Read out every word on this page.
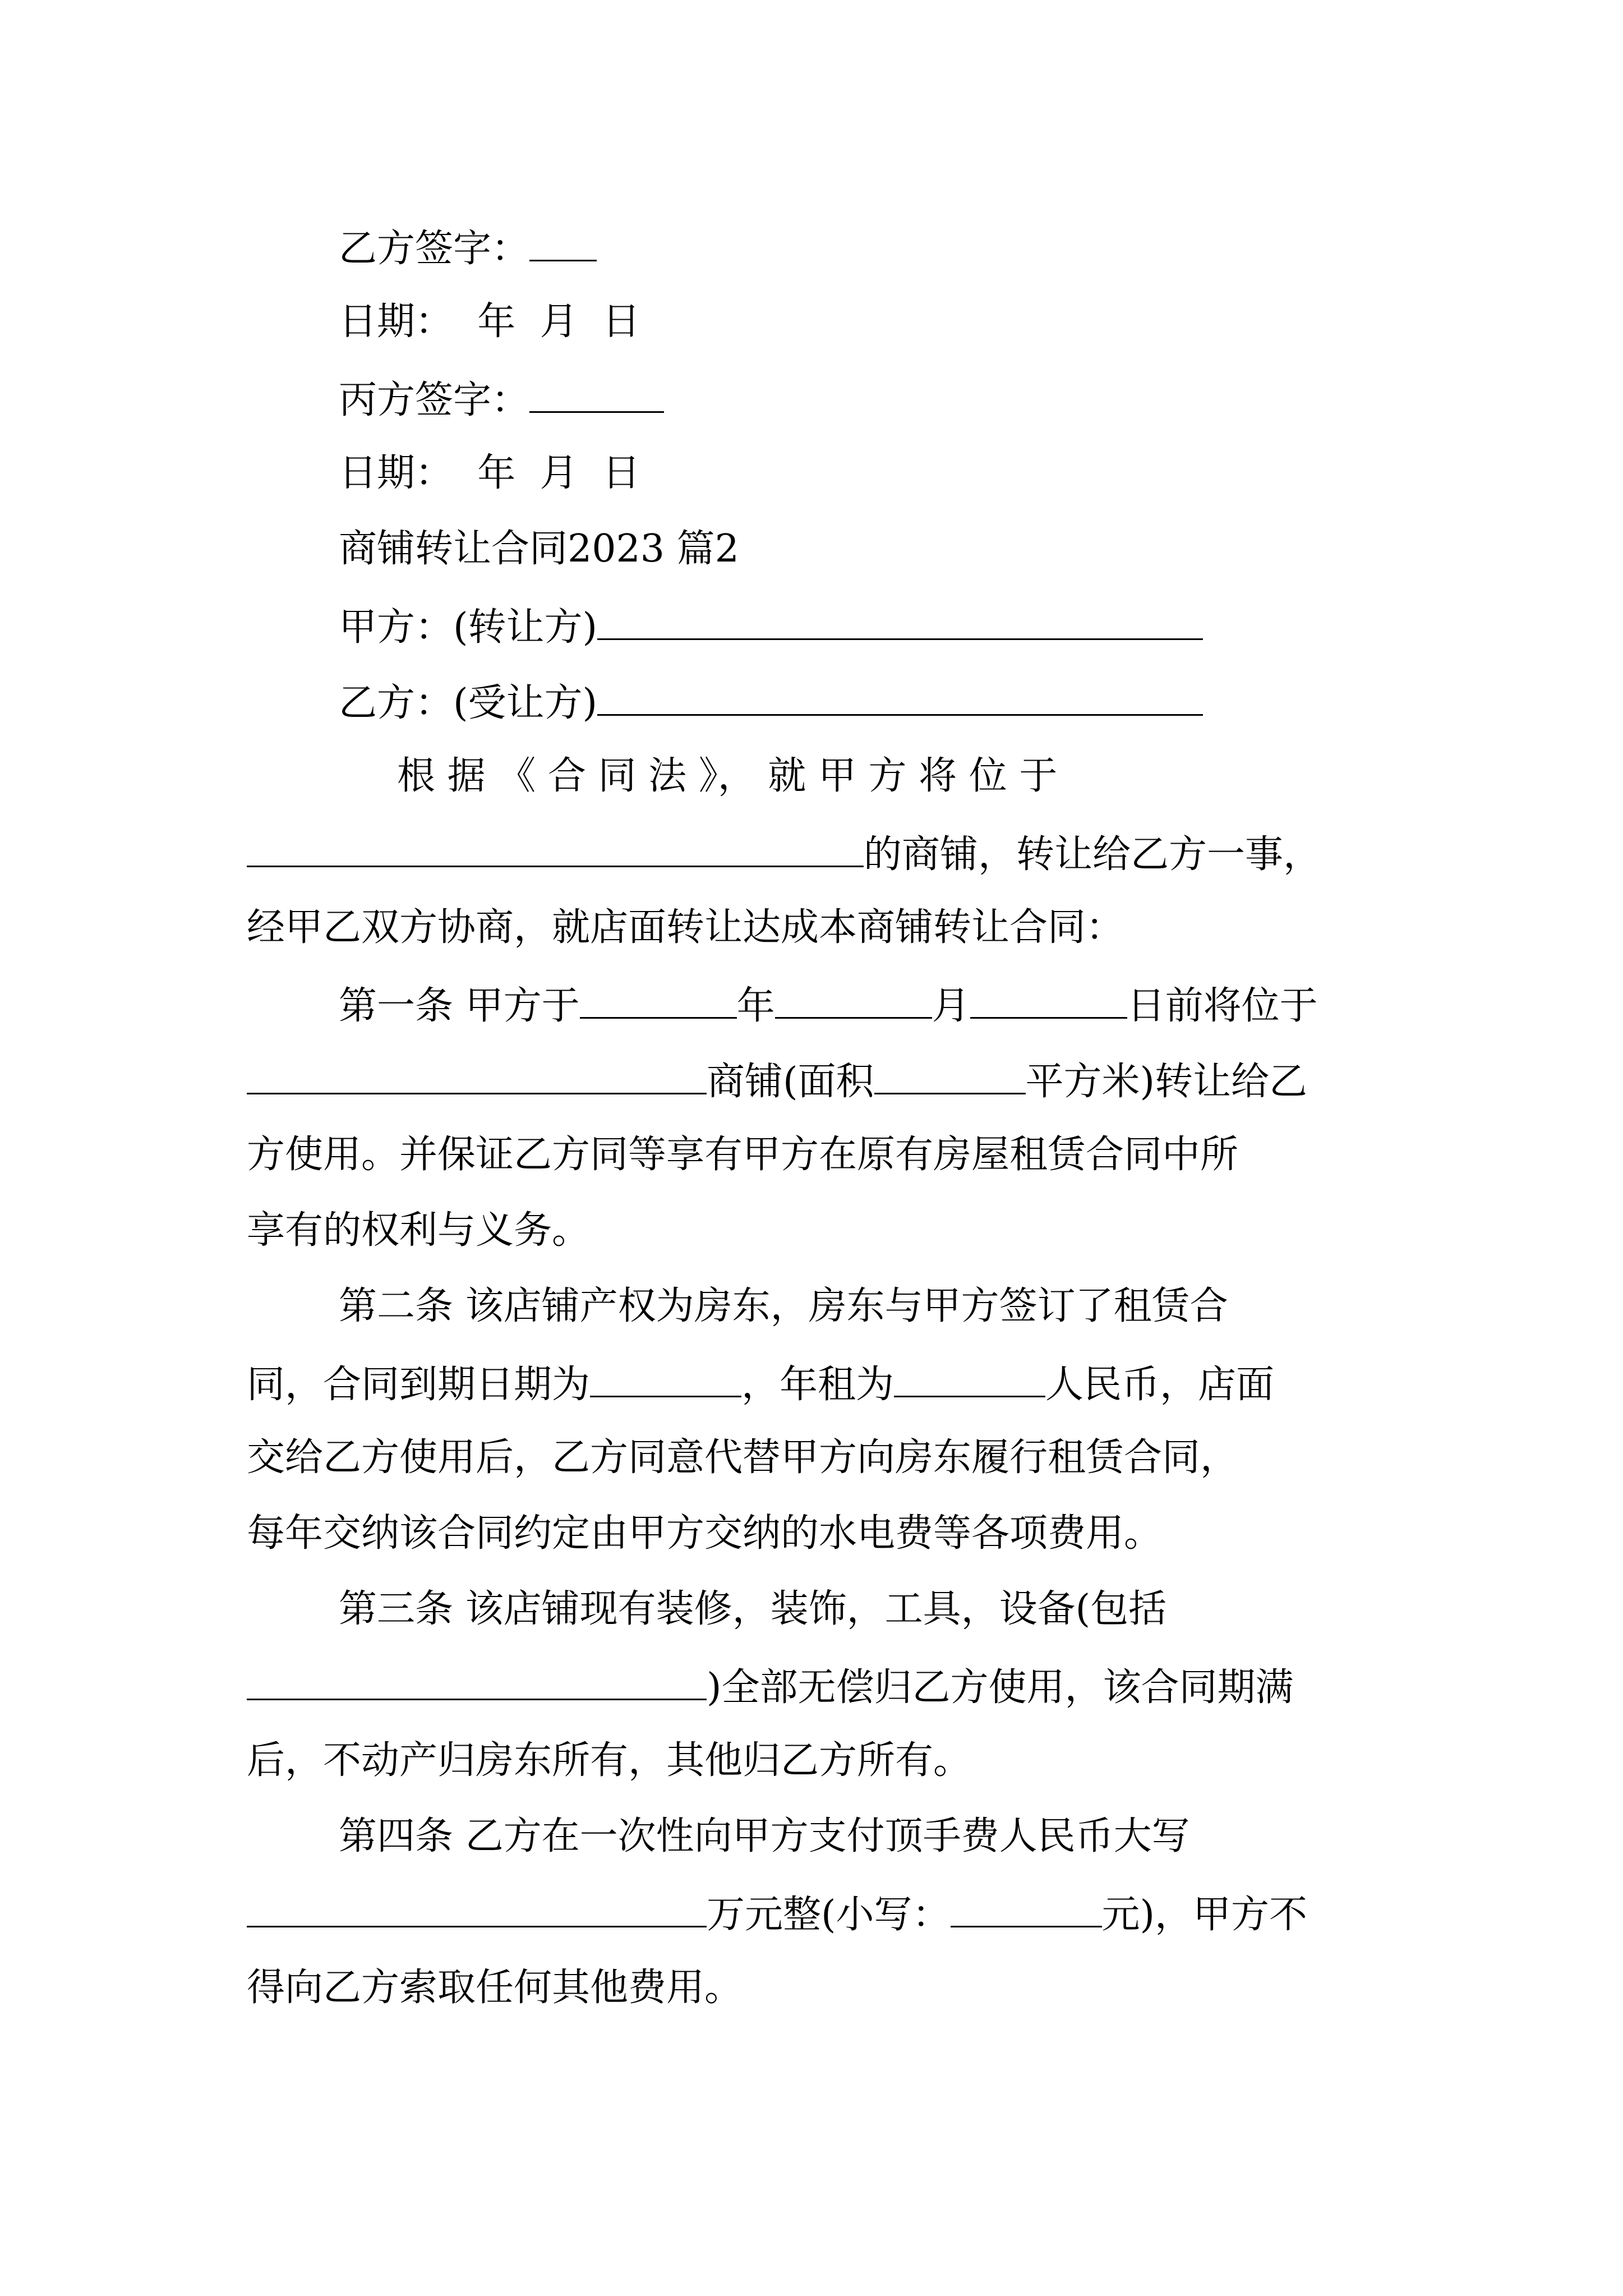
乙方签字：
日期： 年  月  日
丙方签字：
日期： 年  月  日
商铺转让合同2023 篇2
甲方：(转让方)
乙方：(受让方)
根 据 《 合 同 法 》， 就 甲 方 将 位 于
的商铺，转让给乙方一事，
经甲乙双方协商，就店面转让达成本商铺转让合同：
第一条 甲方于	年	月	日前将位于
商铺(面积	平方米)转让给乙
方使用。并保证乙方同等享有甲方在原有房屋租赁合同中所
享有的权利与义务。
第二条 该店铺产权为房东，房东与甲方签订了租赁合
同，合同到期日期为	，年租为	人民币，店面
交给乙方使用后，乙方同意代替甲方向房东履行租赁合同，
每年交纳该合同约定由甲方交纳的水电费等各项费用。
第三条 该店铺现有装修，装饰，工具，设备(包括
)全部无偿归乙方使用，该合同期满
后，不动产归房东所有，其他归乙方所有。
第四条 乙方在一次性向甲方支付顶手费人民币大写
万元整(小写：	元)，甲方不
得向乙方索取任何其他费用。
